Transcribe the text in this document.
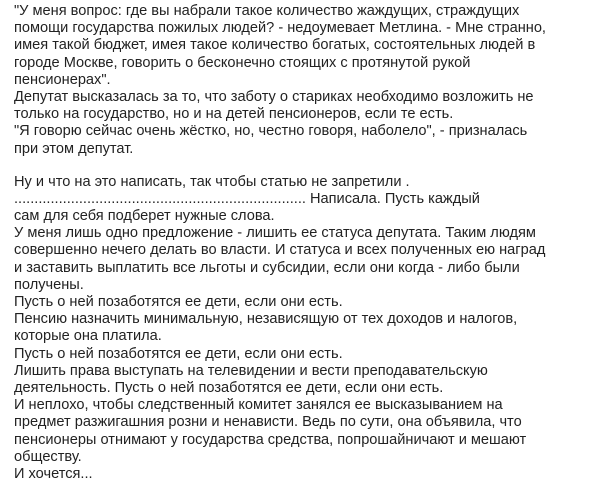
"У меня вопрос: где вы набрали такое количество жаждущих, страждущих
помощи государства пожилых людей? - недоумевает Метлина. - Мне странно,
имея такой бюджет, имея такое количество богатых, состоятельных людей в
городе Москве, говорить о бесконечно стоящих с протянутой рукой
пенсионерах".
Депутат высказалась за то, что заботу о стариках необходимо возложить не
только на государство, но и на детей пенсионеров, если те есть.
"Я говорю сейчас очень жёстко, но, честно говоря, наболело", - призналась
при этом депутат.
Ну и что на это написать, так чтобы статью не запретили .
........................................................................ Написала. Пусть каждый
сам для себя подберет нужные слова.
У меня лишь одно предложение - лишить ее статуса депутата. Таким людям
совершенно нечего делать во власти. И статуса и всех полученных ею наград
и заставить выплатить все льготы и субсидии, если они когда - либо были
получены.
Пусть о ней позаботятся ее дети, если они есть.
Пенсию назначить минимальную, независящую от тех доходов и налогов,
которые она платила.
Пусть о ней позаботятся ее дети, если они есть.
Лишить права выступать на телевидении и вести преподавательскую
деятельность. Пусть о ней позаботятся ее дети, если они есть.
И неплохо, чтобы следственный комитет занялся ее высказыванием на
предмет разжигашния розни и ненависти. Ведь по сути, она объявила, что
пенсионеры отнимают у государства средства, попрошайничают и мешают
обществу.
И хочется...
